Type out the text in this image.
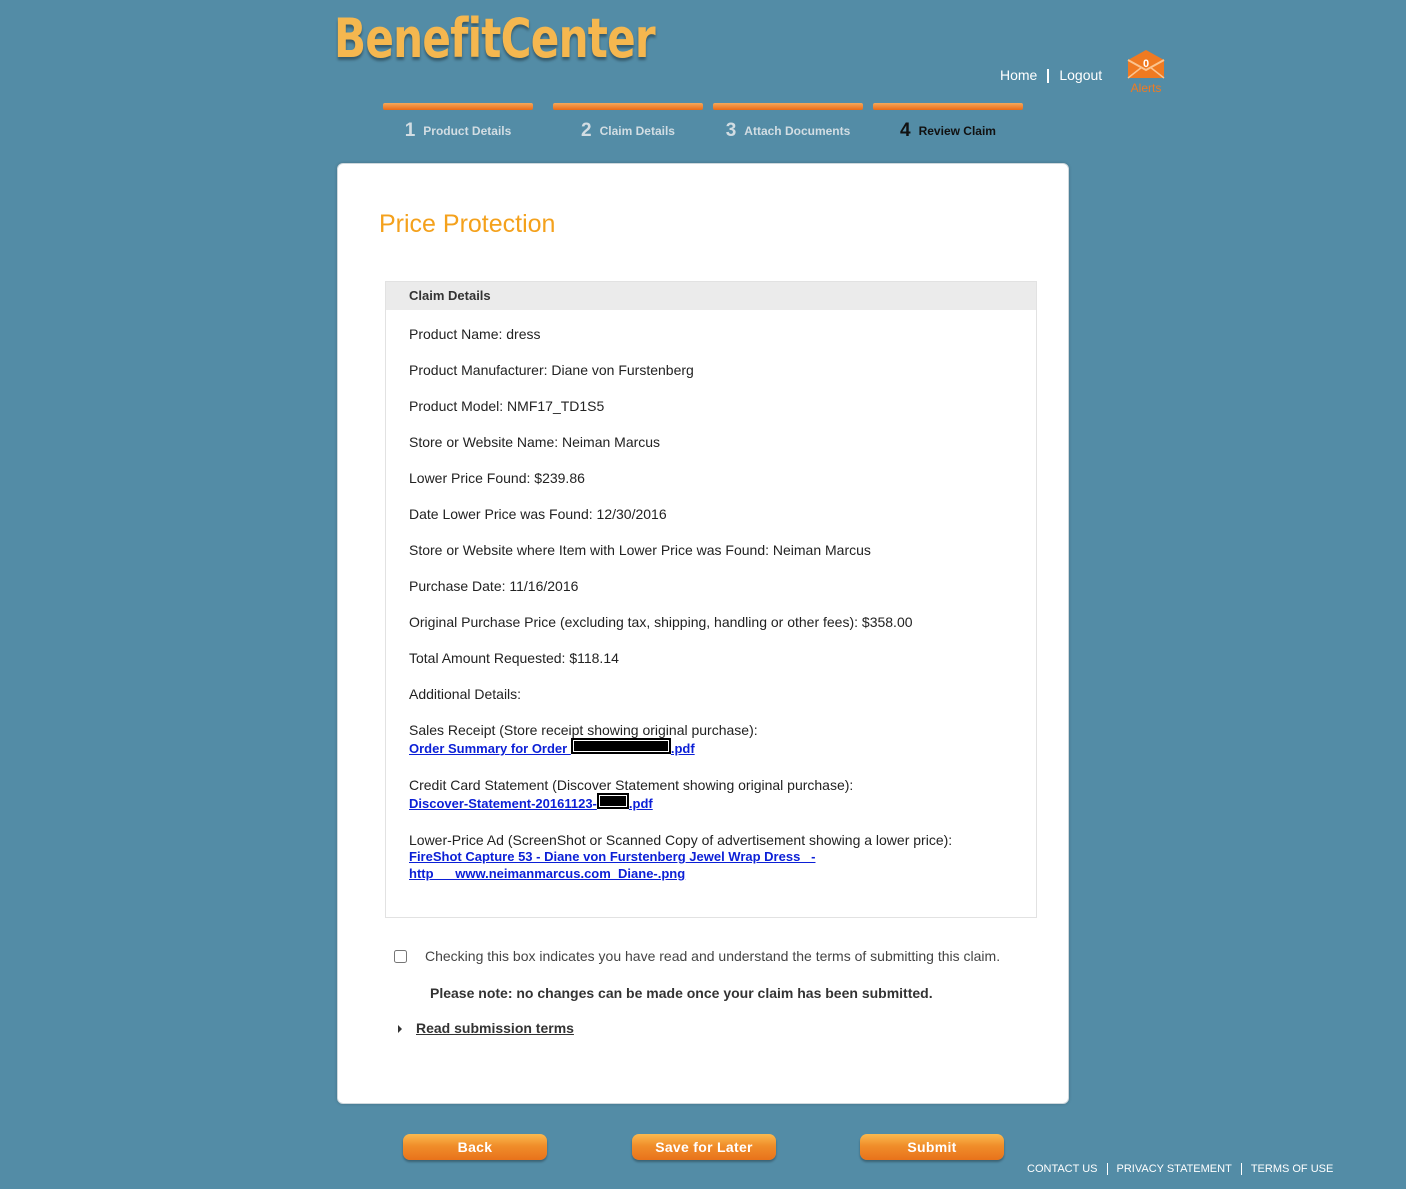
BenefitCenter
Home Logout
0
Alerts
1 Product Details	2 Claim Details	3 Attach Documents	4 Review Claim
Price Protection
Claim Details

Product Name: dress

Product Manufacturer: Diane von Furstenberg

Product Model: NMF17_TD1S5

Store or Website Name: Neiman Marcus

Lower Price Found: $239.86

Date Lower Price was Found: 12/30/2016

Store or Website where Item with Lower Price was Found: Neiman Marcus

Purchase Date: 11/16/2016

Original Purchase Price (excluding tax, shipping, handling or other fees): $358.00

Total Amount Requested: $118.14

Additional Details:

Sales Receipt (Store receipt showing original purchase):
Order Summary for Order	.pdf

Credit Card Statement (Discover Statement showing original purchase):
Discover-Statement-20161123- .pdf

Lower-Price Ad (ScreenShot or Scanned Copy of advertisement showing a lower price):
FireShot Capture 53 - Diane von Furstenberg Jewel Wrap Dress_ -
http___www.neimanmarcus.com_Diane-.png

Checking this box indicates you have read and understand the terms of submitting this claim.
Please note: no changes can be made once your claim has been submitted.
Read submission terms
Back	Save for Later	Submit
CONTACT US PRIVACY STATEMENT TERMS OF USE
